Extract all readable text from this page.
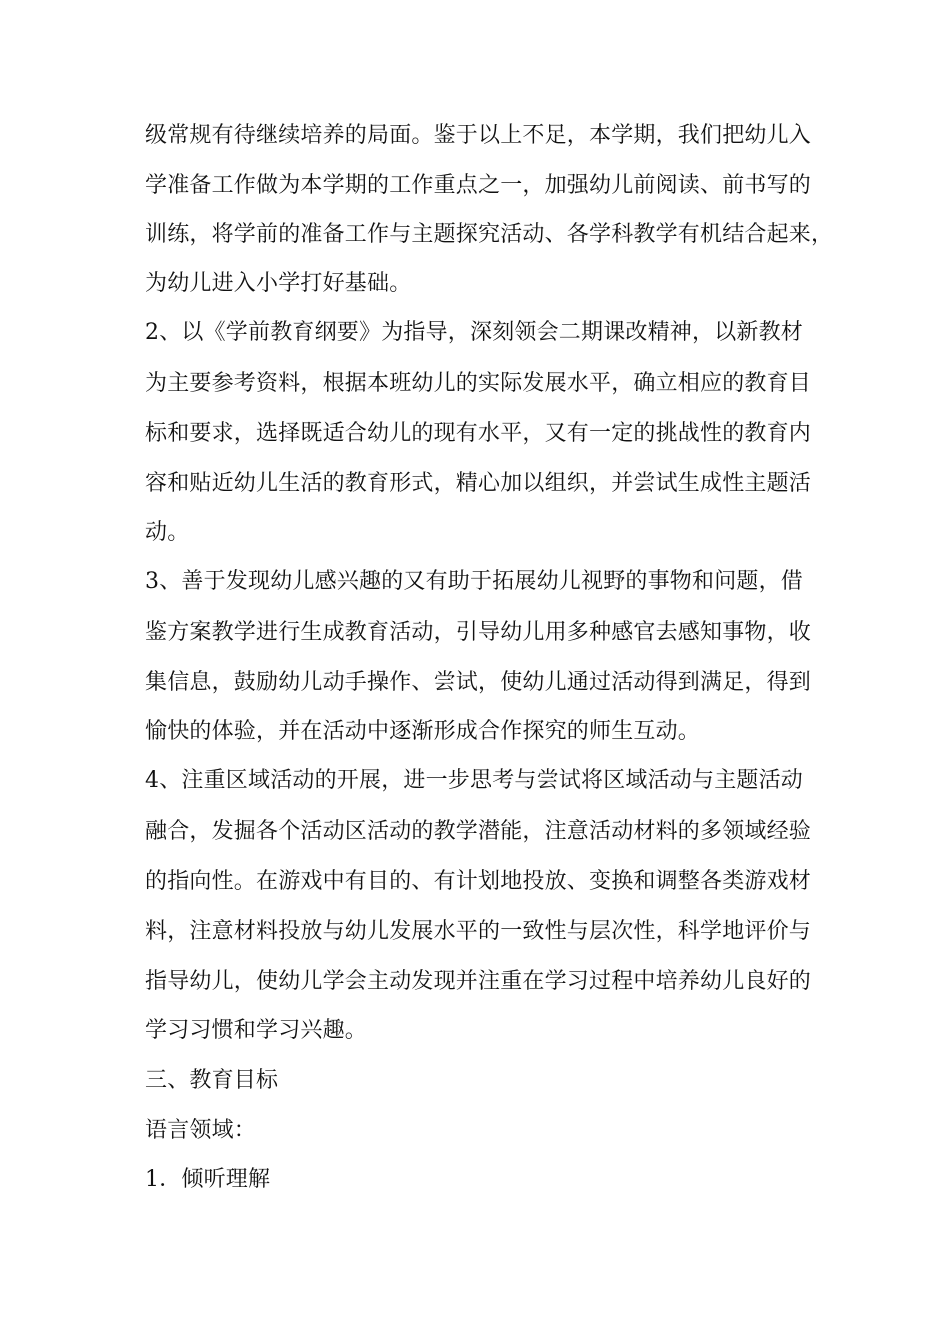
级常规有待继续培养的局面。鉴于以上不足，本学期，我们把幼儿入
学准备工作做为本学期的工作重点之一，加强幼儿前阅读、前书写的
训练，将学前的准备工作与主题探究活动、各学科教学有机结合起来，
为幼儿进入小学打好基础。
2、以《学前教育纲要》为指导，深刻领会二期课改精神，以新教材
为主要参考资料，根据本班幼儿的实际发展水平，确立相应的教育目
标和要求，选择既适合幼儿的现有水平，又有一定的挑战性的教育内
容和贴近幼儿生活的教育形式，精心加以组织，并尝试生成性主题活
动。
3、善于发现幼儿感兴趣的又有助于拓展幼儿视野的事物和问题，借
鉴方案教学进行生成教育活动，引导幼儿用多种感官去感知事物，收
集信息，鼓励幼儿动手操作、尝试，使幼儿通过活动得到满足，得到
愉快的体验，并在活动中逐渐形成合作探究的师生互动。
4、注重区域活动的开展，进一步思考与尝试将区域活动与主题活动
融合，发掘各个活动区活动的教学潜能，注意活动材料的多领域经验
的指向性。在游戏中有目的、有计划地投放、变换和调整各类游戏材
料，注意材料投放与幼儿发展水平的一致性与层次性，科学地评价与
指导幼儿，使幼儿学会主动发现并注重在学习过程中培养幼儿良好的
学习习惯和学习兴趣。
三、教育目标
语言领域：
1．倾听理解
